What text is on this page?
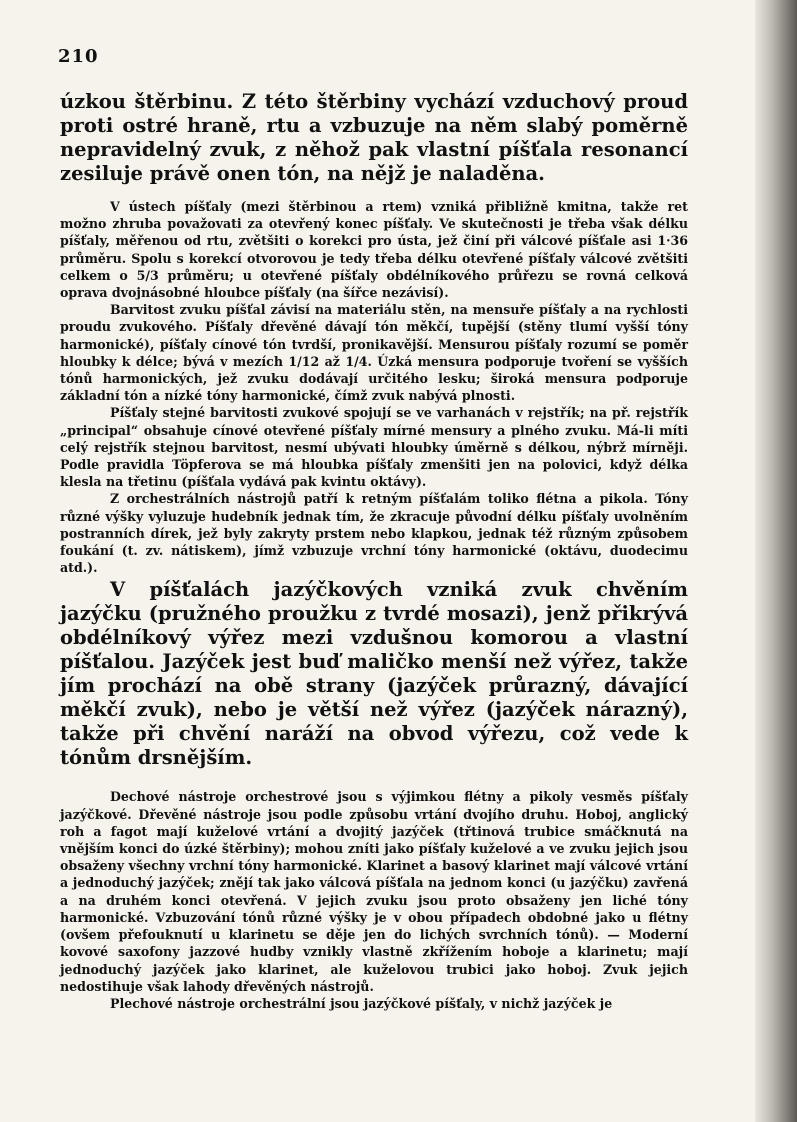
210

úzkou štěrbinu. Z této štěrbiny vychází vzduchový proud proti ostré hraně, rtu a vzbuzuje na něm slabý poměrně nepravidelný zvuk, z něhož pak vlastní píšťala resonancí zesiluje právě onen tón, na nějž je naladěna.

V ústech píšťaly (mezi štěrbinou a rtem) vzniká přibližně kmitna, takže ret možno zhruba považovati za otevřený konec píšťaly. Ve skutečnosti je třeba však délku píšťaly, měřenou od rtu, zvětšiti o korekci pro ústa, jež činí při válcové píšťale asi 1·36 průměru. Spolu s korekcí otvorovou je tedy třeba délku otevřené píšťaly válcové zvětšiti celkem o 5/3 průměru; u otevřené píšťaly obdélníkového průřezu se rovná celková oprava dvojnásobné hloubce píšťaly (na šířce nezávisí).

Barvitost zvuku píšťal závisí na materiálu stěn, na mensuře píšťaly a na rychlosti proudu zvukového. Píšťaly dřevěné dávají tón měkčí, tupější (stěny tlumí vyšší tóny harmonické), píšťaly cínové tón tvrdší, pronikavější. Mensurou píšťaly rozumí se poměr hloubky k délce; bývá v mezích 1/12 až 1/4. Úzká mensura podporuje tvoření se vyšších tónů harmonických, jež zvuku dodávají určitého lesku; široká mensura podporuje základní tón a nízké tóny harmonické, čímž zvuk nabývá plnosti.

Píšťaly stejné barvitosti zvukové spojují se ve varhanách v rejstřík; na př. rejstřík „principal“ obsahuje cínové otevřené píšťaly mírné mensury a plného zvuku. Má-li míti celý rejstřík stejnou barvitost, nesmí ubývati hloubky úměrně s délkou, nýbrž mírněji. Podle pravidla Töpferova se má hloubka píšťaly zmenšiti jen na polovici, když délka klesla na třetinu (píšťala vydává pak kvintu oktávy).

Z orchestrálních nástrojů patří k retným píšťalám toliko flétna a pikola. Tóny různé výšky vyluzuje hudebník jednak tím, že zkracuje původní délku píšťaly uvolněním postranních dírek, jež byly zakryty prstem nebo klapkou, jednak též různým způsobem foukání (t. zv. nátiskem), jímž vzbuzuje vrchní tóny harmonické (oktávu, duodecimu atd.).

V píšťalách jazýčkových vzniká zvuk chvěním jazýčku (pružného proužku z tvrdé mosazi), jenž přikrývá obdélníkový výřez mezi vzdušnou komorou a vlastní píšťalou. Jazýček jest buď maličko menší než výřez, takže jím prochází na obě strany (jazýček průrazný, dávající měkčí zvuk), nebo je větší než výřez (jazýček nárazný), takže při chvění naráží na obvod výřezu, což vede k tónům drsnějším.

Dechové nástroje orchestrové jsou s výjimkou flétny a pikoly vesměs píšťaly jazýčkové. Dřevěné nástroje jsou podle způsobu vrtání dvojího druhu. Hoboj, anglický roh a fagot mají kuželové vrtání a dvojitý jazýček (třtinová trubice smáčknutá na vnějším konci do úzké štěrbiny); mohou zníti jako píšťaly kuželové a ve zvuku jejich jsou obsaženy všechny vrchní tóny harmonické. Klarinet a basový klarinet mají válcové vrtání a jednoduchý jazýček; znějí tak jako válcová píšťala na jednom konci (u jazýčku) zavřená a na druhém konci otevřená. V jejich zvuku jsou proto obsaženy jen liché tóny harmonické. Vzbuzování tónů různé výšky je v obou případech obdobné jako u flétny (ovšem přefouknutí u klarinetu se děje jen do lichých svrchních tónů). — Moderní kovové saxofony jazzové hudby vznikly vlastně zkřížením hoboje a klarinetu; mají jednoduchý jazýček jako klarinet, ale kuželovou trubici jako hoboj. Zvuk jejich nedostihuje však lahody dřevěných nástrojů.

Plechové nástroje orchestrální jsou jazýčkové píšťaly, v nichž jazýček je
